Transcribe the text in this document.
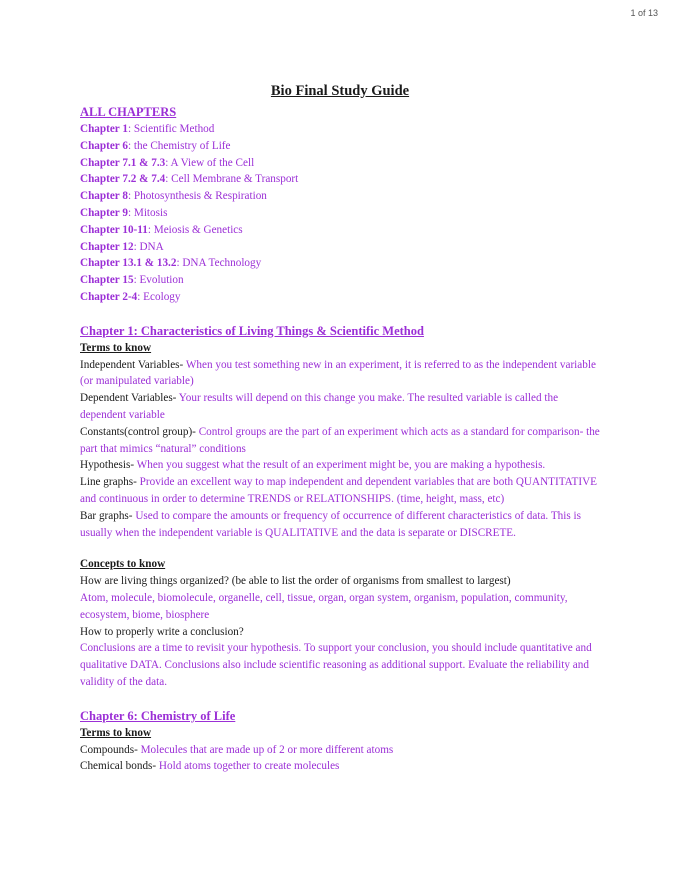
1 of 13
Bio Final Study Guide
ALL CHAPTERS
Chapter 1: Scientific Method
Chapter 6: the Chemistry of Life
Chapter 7.1 & 7.3: A View of the Cell
Chapter 7.2 & 7.4: Cell Membrane & Transport
Chapter 8: Photosynthesis & Respiration
Chapter 9: Mitosis
Chapter 10-11: Meiosis & Genetics
Chapter 12: DNA
Chapter 13.1 & 13.2: DNA Technology
Chapter 15: Evolution
Chapter 2-4: Ecology
Chapter 1: Characteristics of Living Things & Scientific Method
Terms to know
Independent Variables- When you test something new in an experiment, it is referred to as the independent variable (or manipulated variable)
Dependent Variables- Your results will depend on this change you make. The resulted variable is called the dependent variable
Constants(control group)- Control groups are the part of an experiment which acts as a standard for comparison- the part that mimics “natural” conditions
Hypothesis- When you suggest what the result of an experiment might be, you are making a hypothesis.
Line graphs- Provide an excellent way to map independent and dependent variables that are both QUANTITATIVE and continuous in order to determine TRENDS or RELATIONSHIPS. (time, height, mass, etc)
Bar graphs- Used to compare the amounts or frequency of occurrence of different characteristics of data. This is usually when the independent variable is QUALITATIVE and the data is separate or DISCRETE.
Concepts to know
How are living things organized? (be able to list the order of organisms from smallest to largest)
Atom, molecule, biomolecule, organelle, cell, tissue, organ, organ system, organism, population, community, ecosystem, biome, biosphere
How to properly write a conclusion?
Conclusions are a time to revisit your hypothesis. To support your conclusion, you should include quantitative and qualitative DATA. Conclusions also include scientific reasoning as additional support. Evaluate the reliability and validity of the data.
Chapter 6: Chemistry of Life
Terms to know
Compounds- Molecules that are made up of 2 or more different atoms
Chemical bonds- Hold atoms together to create molecules
